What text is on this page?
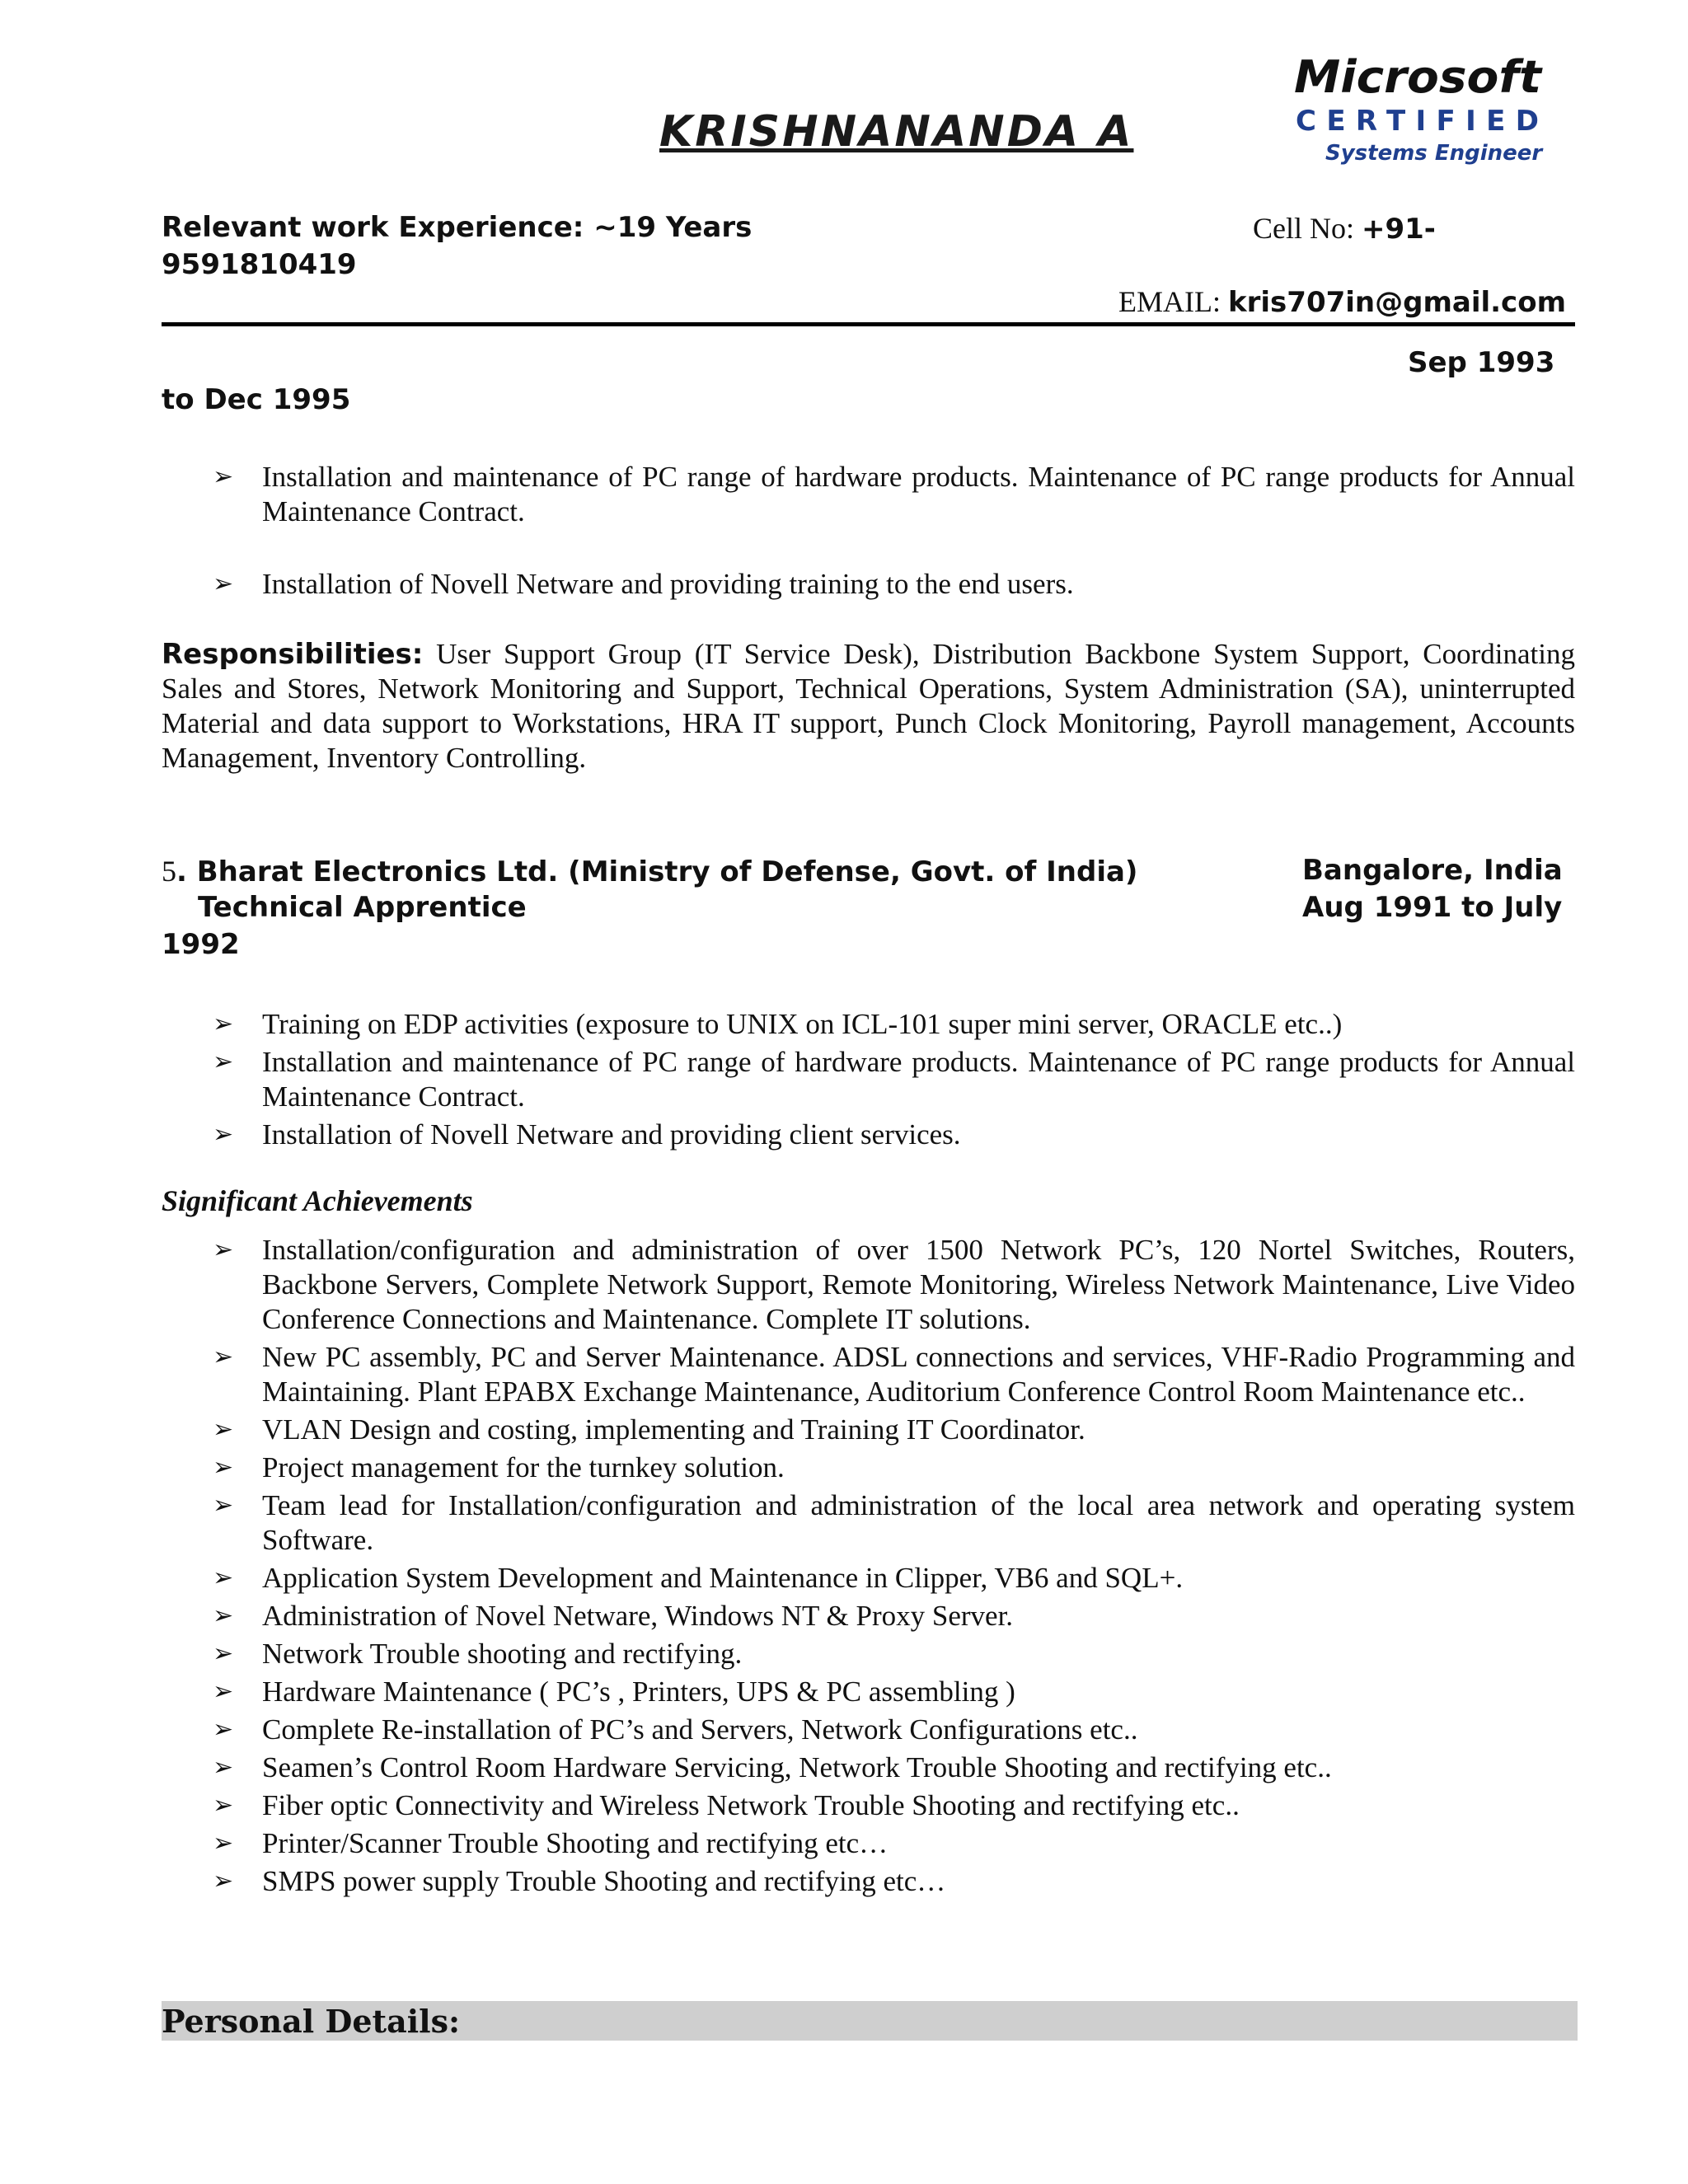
KRISHNANANDA A
Microsoft
CERTIFIED
Systems Engineer
Relevant work Experience: ~19 Years	Cell No: +91-
9591810419
EMAIL: kris707in@gmail.com
Sep 1993
to Dec 1995
➢ Installation and maintenance of PC range of hardware products. Maintenance of PC range products for Annual Maintenance Contract.
➢ Installation of Novell Netware and providing training to the end users.
Responsibilities: User Support Group (IT Service Desk), Distribution Backbone System Support, Coordinating Sales and Stores, Network Monitoring and Support, Technical Operations, System Administration (SA), uninterrupted Material and data support to Workstations, HRA IT support, Punch Clock Monitoring, Payroll management, Accounts Management, Inventory Controlling.
5. Bharat Electronics Ltd. (Ministry of Defense, Govt. of India)	Bangalore, India
Technical Apprentice	Aug 1991 to July
1992
➢ Training on EDP activities (exposure to UNIX on ICL-101 super mini server, ORACLE etc..)
➢ Installation and maintenance of PC range of hardware products. Maintenance of PC range products for Annual Maintenance Contract.
➢ Installation of Novell Netware and providing client services.
Significant Achievements
➢ Installation/configuration and administration of over 1500 Network PC’s, 120 Nortel Switches, Routers, Backbone Servers, Complete Network Support, Remote Monitoring, Wireless Network Maintenance, Live Video Conference Connections and Maintenance. Complete IT solutions.
➢ New PC assembly, PC and Server Maintenance. ADSL connections and services, VHF-Radio Programming and Maintaining. Plant EPABX Exchange Maintenance, Auditorium Conference Control Room Maintenance etc..
➢ VLAN Design and costing, implementing and Training IT Coordinator.
➢ Project management for the turnkey solution.
➢ Team lead for Installation/configuration and administration of the local area network and operating system Software.
➢ Application System Development and Maintenance in Clipper, VB6 and SQL+.
➢ Administration of Novel Netware, Windows NT & Proxy Server.
➢ Network Trouble shooting and rectifying.
➢ Hardware Maintenance ( PC’s , Printers, UPS & PC assembling )
➢ Complete Re-installation of PC’s and Servers, Network Configurations etc..
➢ Seamen’s Control Room Hardware Servicing, Network Trouble Shooting and rectifying etc..
➢ Fiber optic Connectivity and Wireless Network Trouble Shooting and rectifying etc..
➢ Printer/Scanner Trouble Shooting and rectifying etc…
➢ SMPS power supply Trouble Shooting and rectifying etc…
Personal Details:
